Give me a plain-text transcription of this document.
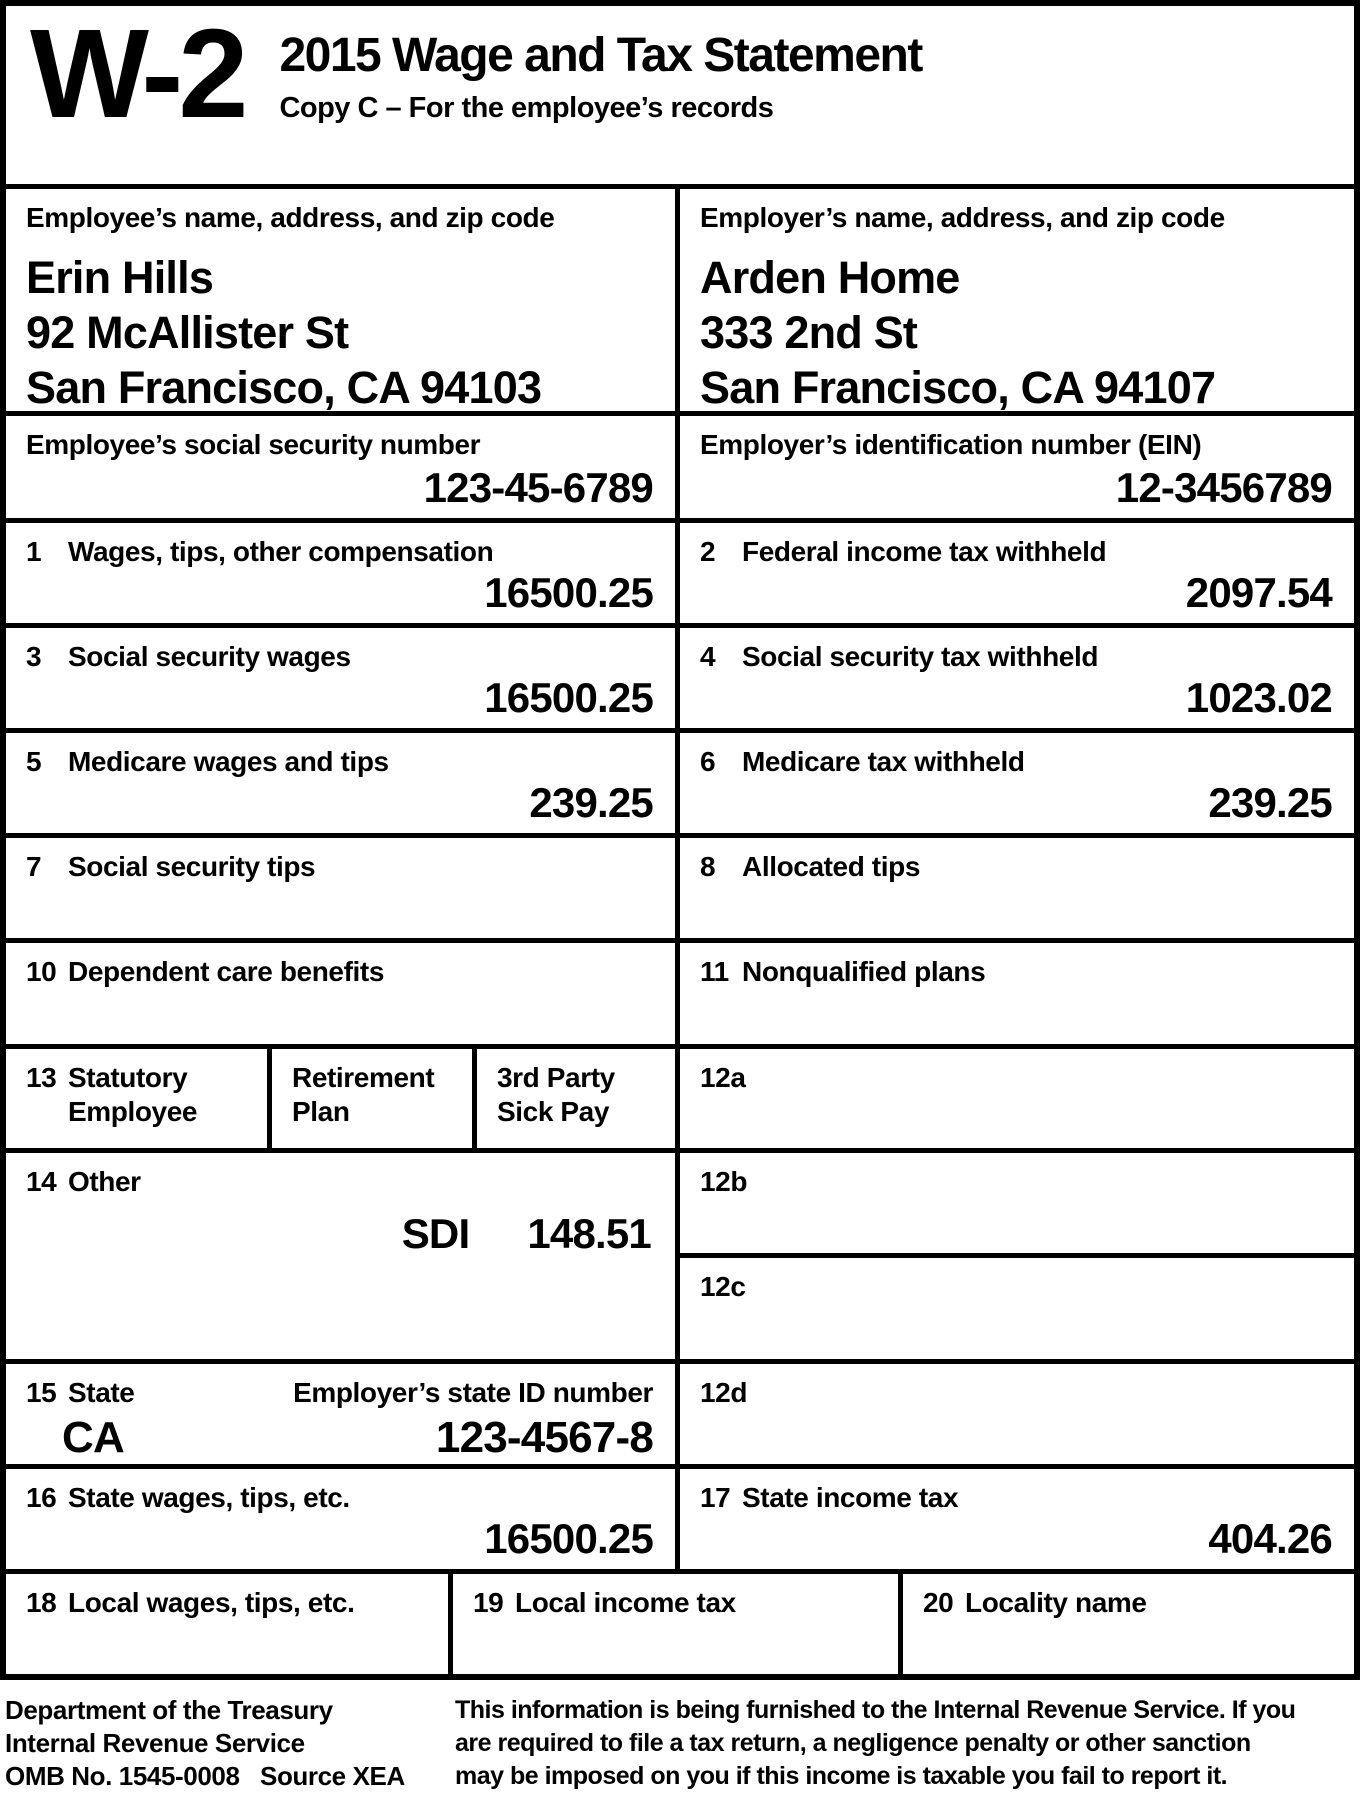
W-2 2015 Wage and Tax Statement
Copy C – For the employee’s records
Employee’s name, address, and zip code
Erin Hills
92 McAllister St
San Francisco, CA 94103
Employer’s name, address, and zip code
Arden Home
333 2nd St
San Francisco, CA 94107
Employee’s social security number
123-45-6789
Employer’s identification number (EIN)
12-3456789
1 Wages, tips, other compensation
16500.25
2 Federal income tax withheld
2097.54
3 Social security wages
16500.25
4 Social security tax withheld
1023.02
5 Medicare wages and tips
239.25
6 Medicare tax withheld
239.25
7 Social security tips	8 Allocated tips
10 Dependent care benefits	11 Nonqualified plans
13 Statutory
Employee
Retirement
Plan
3rd Party
Sick Pay
12a
14 Other
SDI 148.51
12b
12c
15 State	Employer’s state ID number
CA	123-4567-8
12d
16 State wages, tips, etc.
16500.25
17 State income tax
404.26
18 Local wages, tips, etc.	19 Local income tax	20 Locality name
Department of the Treasury
Internal Revenue Service
OMB No. 1545-0008   Source XEA
This information is being furnished to the Internal Revenue Service. If you
are required to file a tax return, a negligence penalty or other sanction
may be imposed on you if this income is taxable you fail to report it.
